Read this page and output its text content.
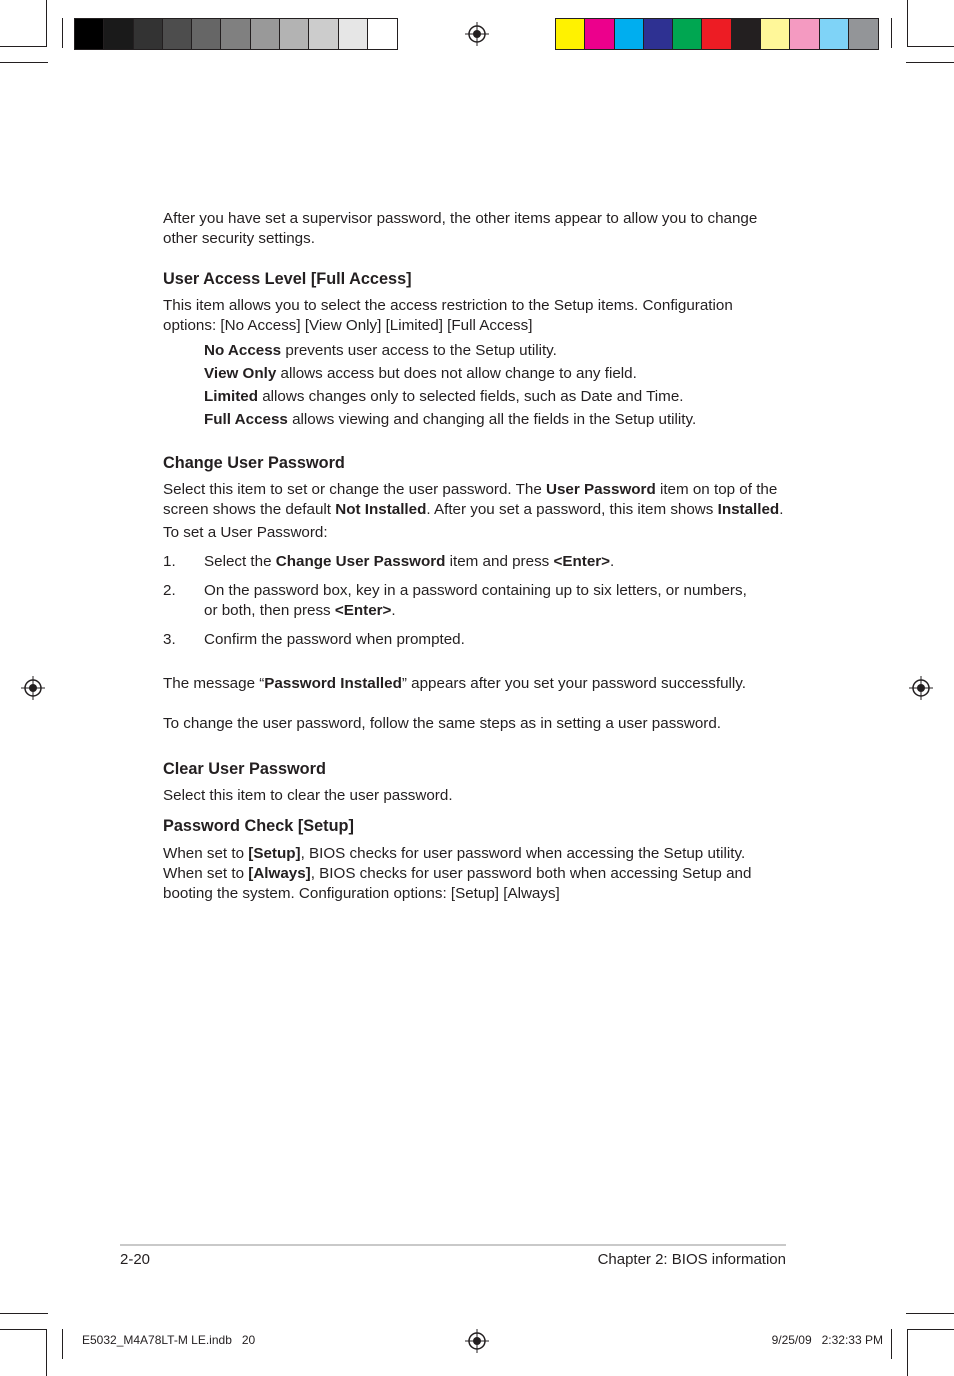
After you have set a supervisor password, the other items appear to allow you to change other security settings.

User Access Level [Full Access]

This item allows you to select the access restriction to the Setup items. Configuration options: [No Access] [View Only] [Limited] [Full Access]

No Access prevents user access to the Setup utility.

View Only allows access but does not allow change to any field.

Limited allows changes only to selected fields, such as Date and Time.

Full Access allows viewing and changing all the fields in the Setup utility.

Change User Password

Select this item to set or change the user password. The User Password item on top of the screen shows the default Not Installed. After you set a password, this item shows Installed.

To set a User Password:

1.	Select the Change User Password item and press <Enter>.
2.	On the password box, key in a password containing up to six letters, or numbers, or both, then press <Enter>.
3.	Confirm the password when prompted.

The message “Password Installed” appears after you set your password successfully.

To change the user password, follow the same steps as in setting a user password.

Clear User Password

Select this item to clear the user password.

Password Check [Setup]

When set to [Setup], BIOS checks for user password when accessing the Setup utility. When set to [Always], BIOS checks for user password both when accessing Setup and booting the system. Configuration options: [Setup] [Always]

2-20	Chapter 2: BIOS information
E5032_M4A78LT-M LE.indb   20	9/25/09   2:32:33 PM
